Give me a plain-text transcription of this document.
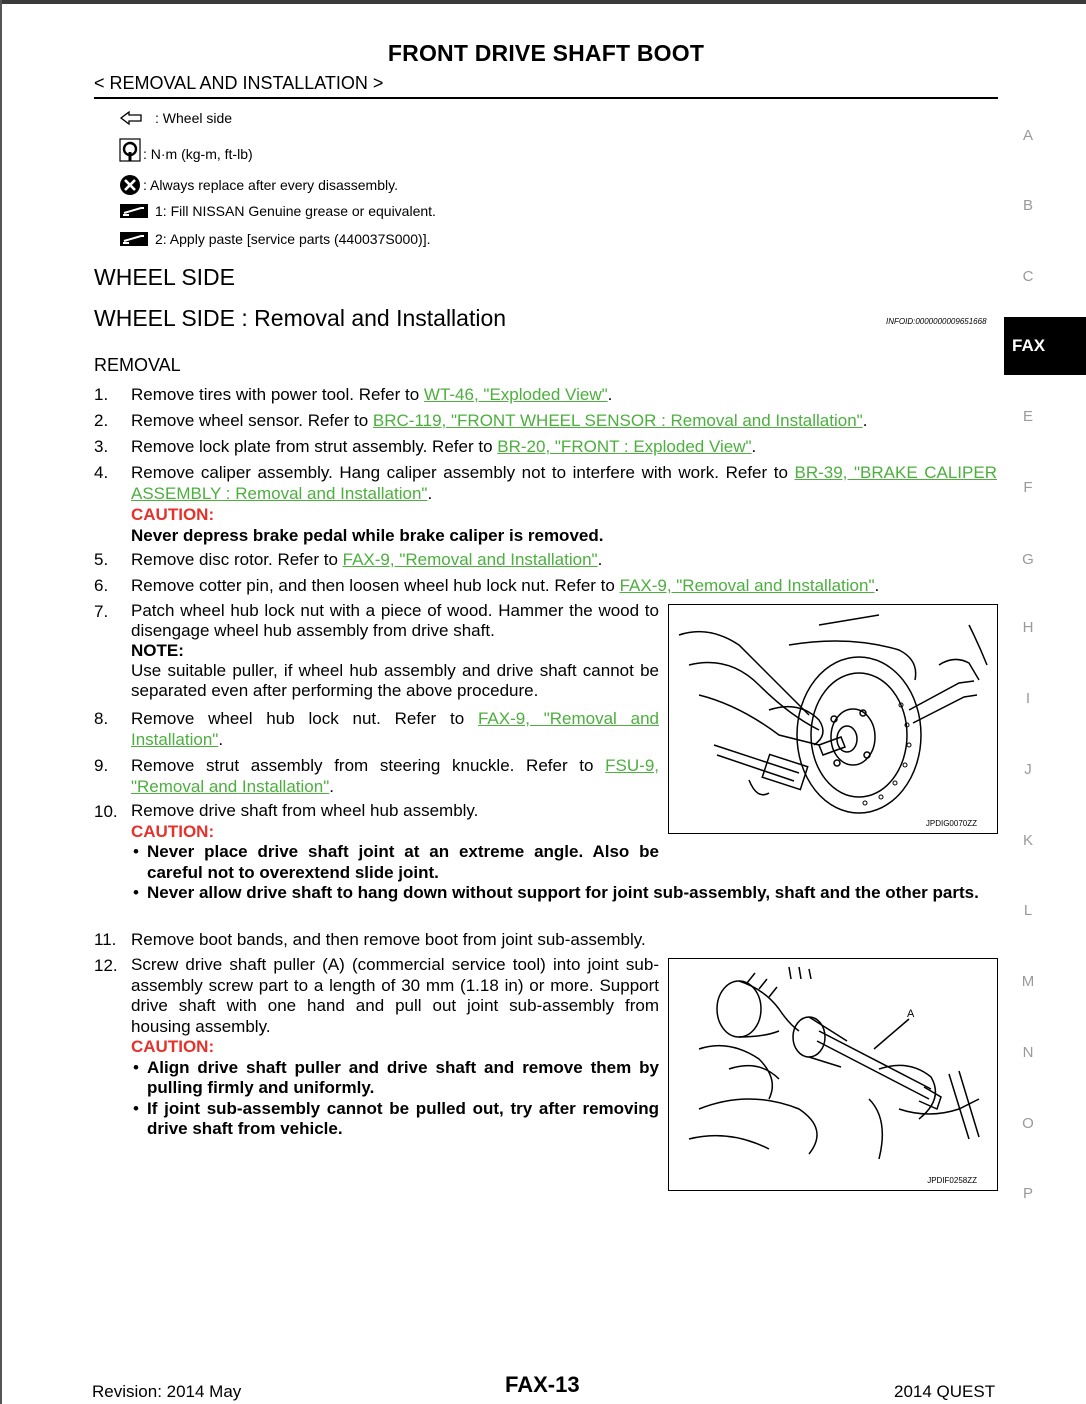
FRONT DRIVE SHAFT BOOT
< REMOVAL AND INSTALLATION >
: Wheel side
: N·m (kg-m, ft-lb)
: Always replace after every disassembly.
1: Fill NISSAN Genuine grease or equivalent.
2: Apply paste [service parts (440037S000)].
WHEEL SIDE
WHEEL SIDE : Removal and Installation	INFOID:0000000009651668
REMOVAL
1. Remove tires with power tool. Refer to WT-46, "Exploded View".
2. Remove wheel sensor. Refer to BRC-119, "FRONT WHEEL SENSOR : Removal and Installation".
3. Remove lock plate from strut assembly. Refer to BR-20, "FRONT : Exploded View".
4. Remove caliper assembly. Hang caliper assembly not to interfere with work. Refer to BR-39, "BRAKE CALIPER ASSEMBLY : Removal and Installation".
CAUTION:
Never depress brake pedal while brake caliper is removed.
5. Remove disc rotor. Refer to FAX-9, "Removal and Installation".
6. Remove cotter pin, and then loosen wheel hub lock nut. Refer to FAX-9, "Removal and Installation".
7. Patch wheel hub lock nut with a piece of wood. Hammer the wood to disengage wheel hub assembly from drive shaft.
NOTE:
Use suitable puller, if wheel hub assembly and drive shaft cannot be separated even after performing the above procedure.
8. Remove wheel hub lock nut. Refer to FAX-9, "Removal and Installation".
9. Remove strut assembly from steering knuckle. Refer to FSU-9, "Removal and Installation".
10. Remove drive shaft from wheel hub assembly.
CAUTION:
• Never place drive shaft joint at an extreme angle. Also be careful not to overextend slide joint.
• Never allow drive shaft to hang down without support for joint sub-assembly, shaft and the other parts.
11. Remove boot bands, and then remove boot from joint sub-assembly.
12. Screw drive shaft puller (A) (commercial service tool) into joint sub-assembly screw part to a length of 30 mm (1.18 in) or more. Support drive shaft with one hand and pull out joint sub-assembly from housing assembly.
CAUTION:
• Align drive shaft puller and drive shaft and remove them by pulling firmly and uniformly.
• If joint sub-assembly cannot be pulled out, try after removing drive shaft from vehicle.
JPDIG0070ZZ
A
JPDIF0258ZZ
A
B
C
FAX
E
F
G
H
I
J
K
L
M
N
O
P
Revision: 2014 May	FAX-13	2014 QUEST
